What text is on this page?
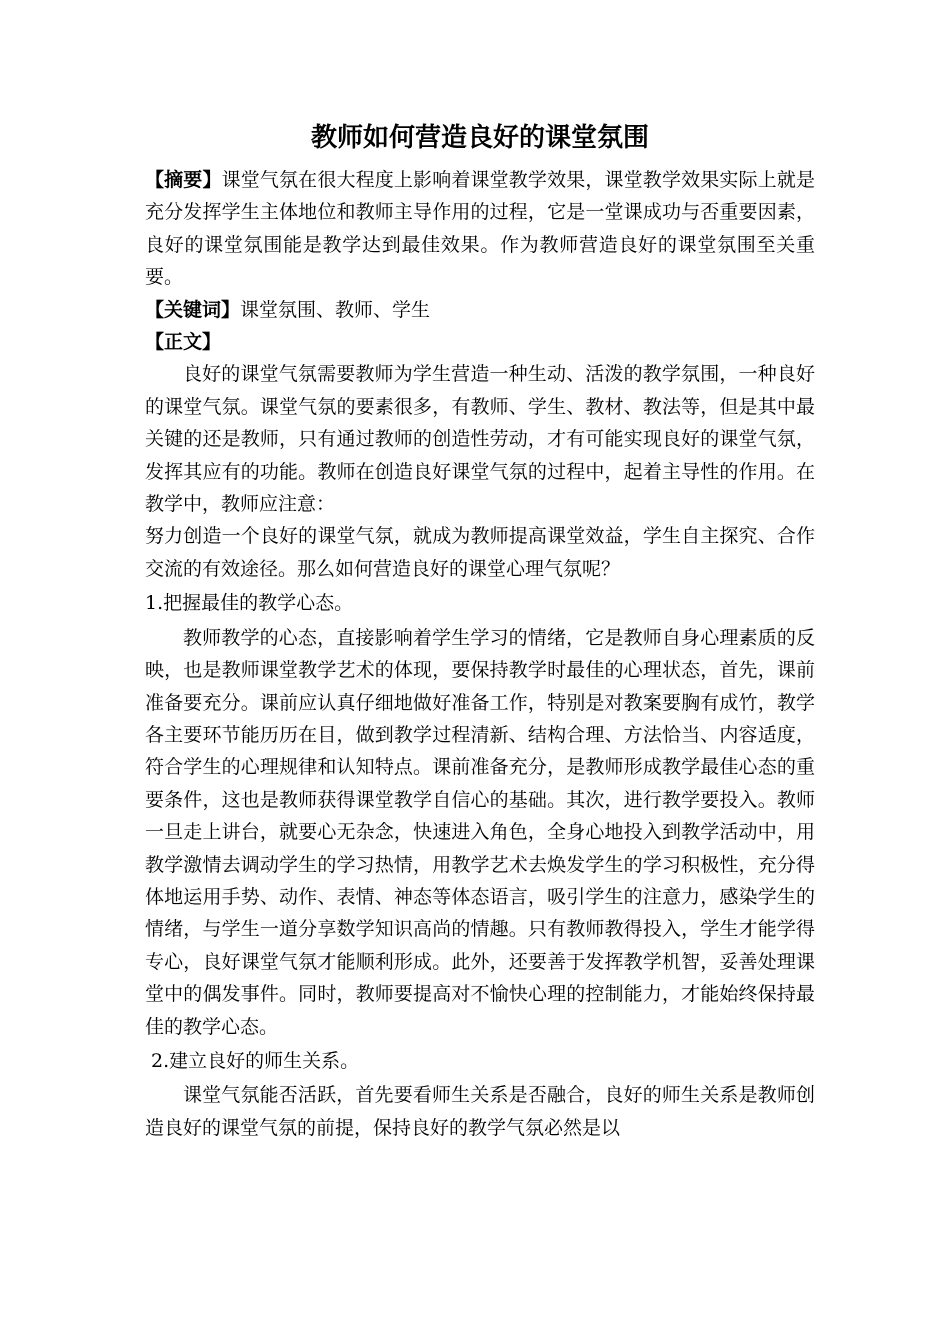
教师如何营造良好的课堂氛围

【摘要】课堂气氛在很大程度上影响着课堂教学效果，课堂教学效果实际上就是充分发挥学生主体地位和教师主导作用的过程，它是一堂课成功与否重要因素，良好的课堂氛围能是教学达到最佳效果。作为教师营造良好的课堂氛围至关重要。

【关键词】课堂氛围、教师、学生

【正文】

良好的课堂气氛需要教师为学生营造一种生动、活泼的教学氛围，一种良好的课堂气氛。课堂气氛的要素很多，有教师、学生、教材、教法等，但是其中最关键的还是教师，只有通过教师的创造性劳动，才有可能实现良好的课堂气氛，发挥其应有的功能。教师在创造良好课堂气氛的过程中，起着主导性的作用。在教学中，教师应注意：

努力创造一个良好的课堂气氛，就成为教师提高课堂效益，学生自主探究、合作交流的有效途径。那么如何营造良好的课堂心理气氛呢？

1.把握最佳的教学心态。

教师教学的心态，直接影响着学生学习的情绪，它是教师自身心理素质的反映，也是教师课堂教学艺术的体现，要保持教学时最佳的心理状态，首先，课前准备要充分。课前应认真仔细地做好准备工作，特别是对教案要胸有成竹，教学各主要环节能历历在目，做到教学过程清新、结构合理、方法恰当、内容适度，符合学生的心理规律和认知特点。课前准备充分，是教师形成教学最佳心态的重要条件，这也是教师获得课堂教学自信心的基础。其次，进行教学要投入。教师一旦走上讲台，就要心无杂念，快速进入角色，全身心地投入到教学活动中，用教学激情去调动学生的学习热情，用教学艺术去焕发学生的学习积极性，充分得体地运用手势、动作、表情、神态等体态语言，吸引学生的注意力，感染学生的情绪，与学生一道分享数学知识高尚的情趣。只有教师教得投入，学生才能学得专心，良好课堂气氛才能顺利形成。此外，还要善于发挥教学机智，妥善处理课堂中的偶发事件。同时，教师要提高对不愉快心理的控制能力，才能始终保持最佳的教学心态。

2.建立良好的师生关系。

课堂气氛能否活跃，首先要看师生关系是否融合，良好的师生关系是教师创造良好的课堂气氛的前提，保持良好的教学气氛必然是以
